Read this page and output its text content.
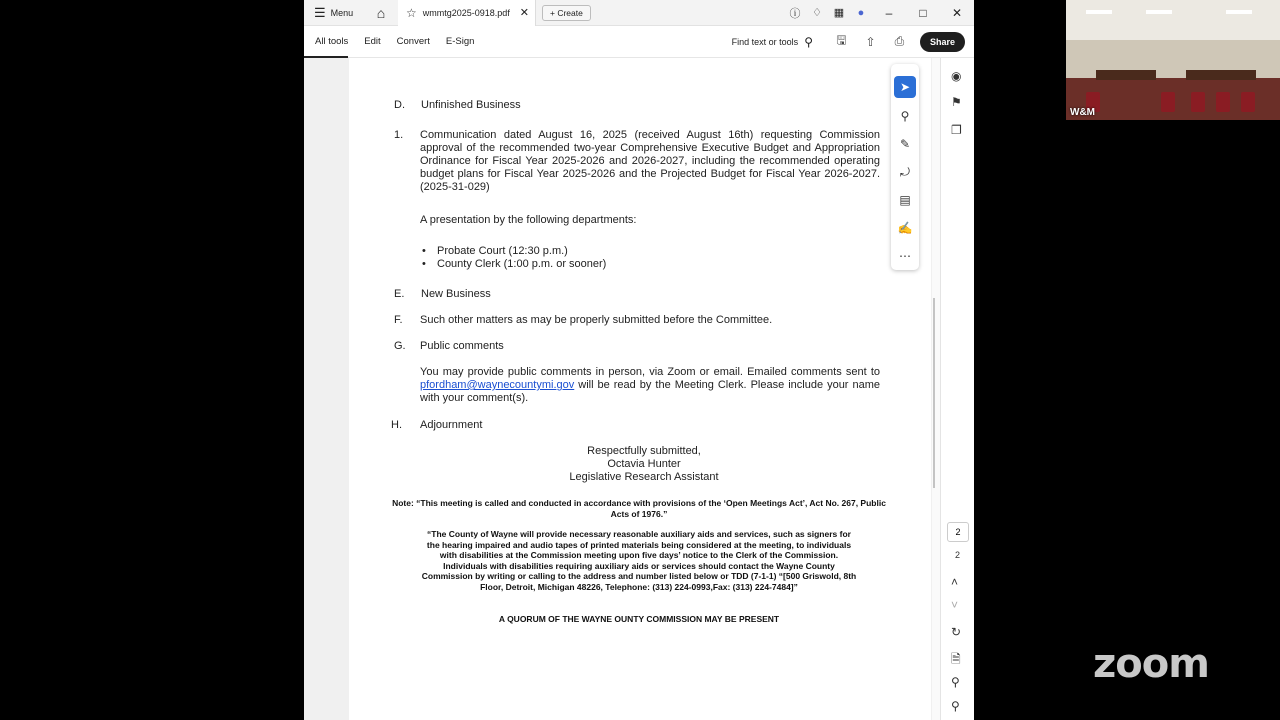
☰ Menu	⌂	☆ wmmtg2025-0918.pdf ✕	+ Create	ⓘ	♢	▦	●	– □ ✕
All tools	Edit	Convert	E-Sign	Find text or tools ⚲	🖫	⇧	⎙	Share
D. Unfinished Business
1. Communication dated August 16, 2025 (received August 16th) requesting Commission approval of the recommended two-year Comprehensive Executive Budget and Appropriation Ordinance for Fiscal Year 2025-2026 and 2026-2027, including the recommended operating budget plans for Fiscal Year 2025-2026 and the Projected Budget for Fiscal Year 2026-2027. (2025-31-029)
A presentation by the following departments:
• Probate Court (12:30 p.m.)
• County Clerk (1:00 p.m. or sooner)
E. New Business
F. Such other matters as may be properly submitted before the Committee.
G. Public comments
You may provide public comments in person, via Zoom or email. Emailed comments sent to pfordham@waynecountymi.gov will be read by the Meeting Clerk. Please include your name with your comment(s).
H. Adjournment
Respectfully submitted,
Octavia Hunter
Legislative Research Assistant
Note: “This meeting is called and conducted in accordance with provisions of the ‘Open Meetings Act’, Act No. 267, Public Acts of 1976.”
“The County of Wayne will provide necessary reasonable auxiliary aids and services, such as signers for the hearing impaired and audio tapes of printed materials being considered at the meeting, to individuals with disabilities at the Commission meeting upon five days’ notice to the Clerk of the Commission. Individuals with disabilities requiring auxiliary aids or services should contact the Wayne County Commission by writing or calling to the address and number listed below or TDD (7-1-1) “[500 Griswold, 8th Floor, Detroit, Michigan 48226, Telephone: (313) 224-0993,Fax: (313) 224-7484]”
A QUORUM OF THE WAYNE OUNTY COMMISSION MAY BE PRESENT
➤
⚲
✎
⤾
▤
✍
⋯
◉
⚑
❐
2
2
˄
˅
↻
🗎
⚲
⚲
W&M
zoom
